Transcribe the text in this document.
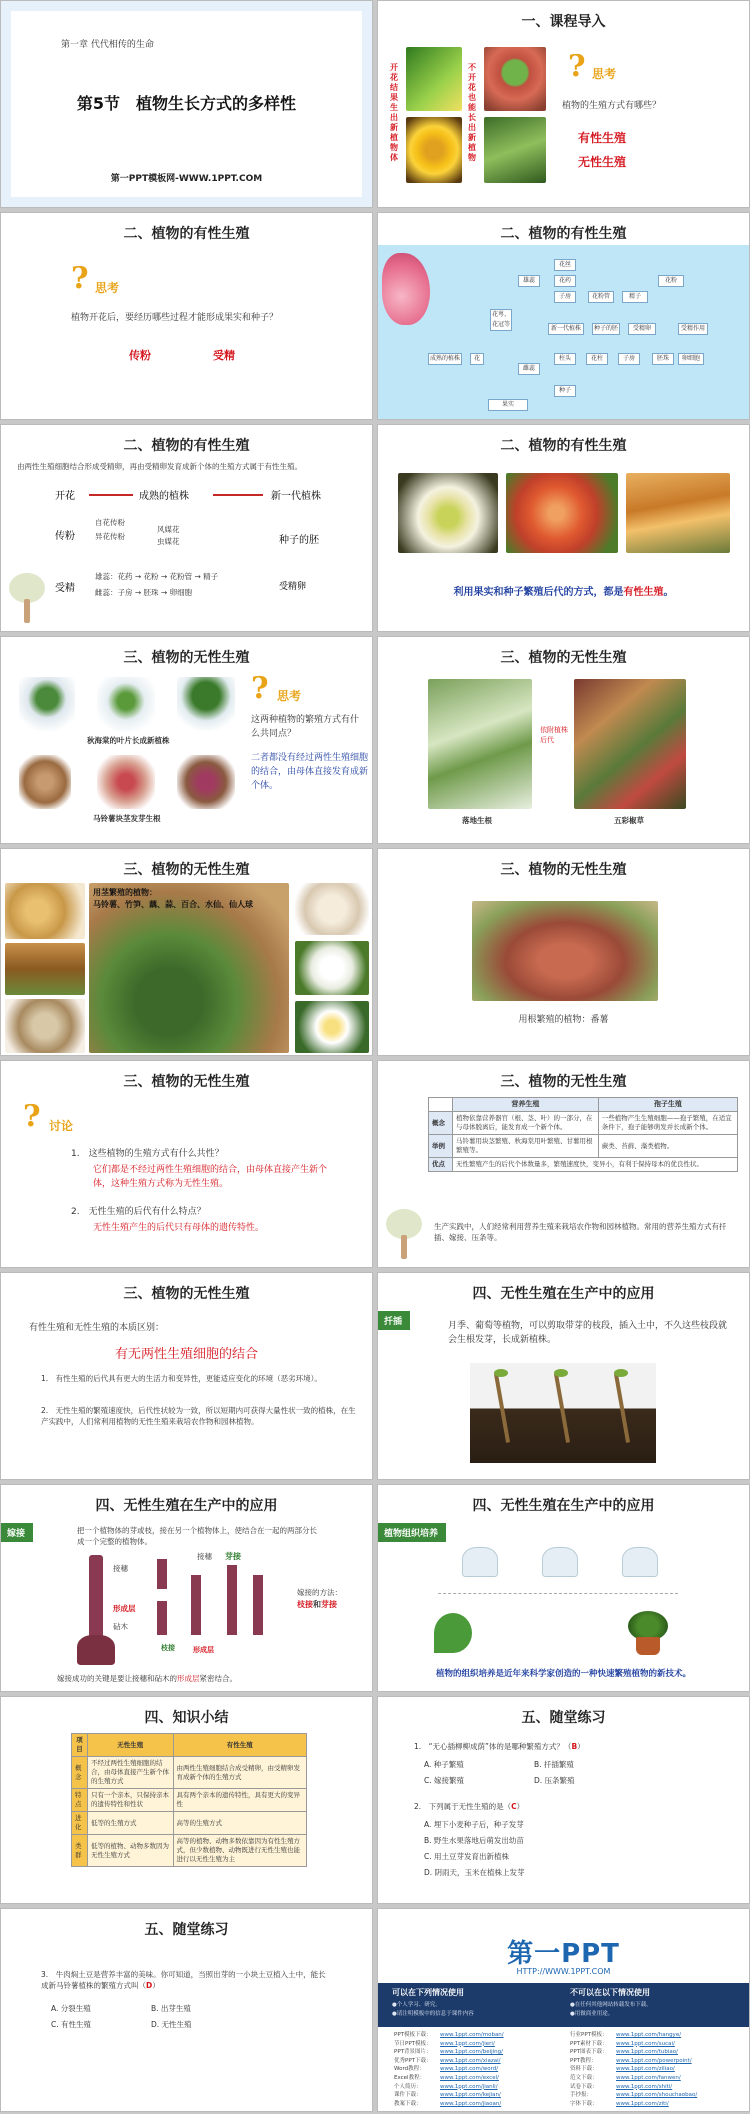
第一章 代代相传的生命
第5节　植物生长方式的多样性
第一PPT模板网-WWW.1PPT.COM
一、课程导入
开花结果生出新植物体
不开花也能长出新植物
? 思考
植物的生殖方式有哪些？
有性生殖
无性生殖
二、植物的有性生殖
? 思考
植物开花后，要经历哪些过程才能形成果实和种子？
传粉	受精
二、植物的有性生殖
成熟的植株	花
花萼、花冠等
雄蕊
雌蕊
花丝
花药
子房	花粉管	精子
新一代植株	种子的胚	受精卵
柱头	花柱	子房	胚珠
受精作用
种子
果实
卵细胞
花粉
二、植物的有性生殖
由两性生殖细胞结合形成受精卵，再由受精卵发育成新个体的生殖方式属于有性生殖。
开花	成熟的植株	新一代植株
传粉
自花传粉
异花传粉
风媒花
虫媒花	种子的胚
受精
雄蕊：花药 → 花粉 → 花粉管 → 精子
雌蕊：子房 → 胚珠 → 卵细胞
受精卵
二、植物的有性生殖
利用果实和种子繁殖后代的方式，都是有性生殖。
三、植物的无性生殖
秋海棠的叶片长成新植株
马铃薯块茎发芽生根
? 思考
这两种植物的繁殖方式有什么共同点？
二者都没有经过两性生殖细胞的结合，由母体直接发育成新个体。
三、植物的无性生殖
依附植株后代
落地生根	五彩椒草
三、植物的无性生殖
用茎繁殖的植物：
马铃薯、竹笋、藕、蒜、百合、水仙、仙人球
三、植物的无性生殖
用根繁殖的植物：番薯
三、植物的无性生殖
? 讨论
1.　这些植物的生殖方式有什么共性？
它们都是不经过两性生殖细胞的结合，由母体直接产生新个体，这种生殖方式称为无性生殖。
2.　无性生殖的后代有什么特点？
无性生殖产生的后代只有母体的遗传特性。
三、植物的无性生殖
	营养生殖	孢子生殖
概念	植物依靠营养器官（根、茎、叶）的一部分，在与母体脱离后，能发育成一个新个体。	一些植物产生生殖细胞——孢子繁殖，在适宜条件下，孢子能够萌发并长成新个体。
举例	马铃薯用块茎繁殖、秋海棠用叶繁殖、甘薯用根繁殖等。	蕨类、苔藓、藻类植物。
优点	无性繁殖产生的后代个体数量多，繁殖速度快，变异小，有利于保持母本的优良性状。	
生产实践中，人们经常利用营养生殖来栽培农作物和园林植物。常用的营养生殖方式有扦插、嫁接、压条等。
三、植物的无性生殖
有性生殖和无性生殖的本质区别：
有无两性生殖细胞的结合
1.　有性生殖的后代具有更大的生活力和变异性，更能适应变化的环境（恶劣环境）。
2.　无性生殖的繁殖速度快，后代性状较为一致，所以短期内可获得大量性状一致的植株，在生产实践中，人们常利用植物的无性生殖来栽培农作物和园林植物。
四、无性生殖在生产中的应用
扦插	月季、葡萄等植物，可以剪取带芽的枝段，插入土中，不久这些枝段就会生根发芽，长成新植株。
四、无性生殖在生产中的应用
嫁接	把一个植物体的芽或枝，接在另一个植物体上，使结合在一起的两部分长成一个完整的植物体。
接穗
形成层
砧木
接穗 芽接
形成层
枝接
嫁接的方法：
枝接和芽接
嫁接成功的关键是要让接穗和砧木的形成层紧密结合。
四、无性生殖在生产中的应用
植物组织培养
植物的组织培养是近年来科学家创造的一种快速繁殖植物的新技术。
四、知识小结
项目	无性生殖	有性生殖
概念	不经过两性生殖细胞的结合，由母体直接产生新个体的生殖方式	由两性生殖细胞结合成受精卵，由受精卵发育成新个体的生殖方式
特点	只有一个亲本，只保持亲本的遗传特性和性状	具有两个亲本的遗传特性，具有更大的变异性
进化	低等的生殖方式	高等的生殖方式
类群	低等的植物、动物多数因为无性生殖方式	高等的植物、动物多数依靠因为有性生殖方式，但少数植物、动物既进行无性生殖也能进行以无性生殖为主
五、随堂练习
1.　“无心插柳柳成荫”体的是哪种繁殖方式？（B）
A. 种子繁殖	B. 扦插繁殖
C. 嫁接繁殖	D. 压条繁殖
2.　下列属于无性生殖的是（C）
A. 埋下小麦种子后，种子发芽
B. 野生水果落地后萌发出幼苗
C. 用土豆芽发育出新植株
D. 阴雨天，玉米在植株上发芽
五、随堂练习
3.　牛肉焖土豆是营养丰富的美味。你可知道，当照出芽的一小块土豆植入土中，能长成新马铃薯植株的繁殖方式叫（D）
A. 分裂生殖	B. 出芽生殖
C. 有性生殖	D. 无性生殖
第一PPT
HTTP://WWW.1PPT.COM
可以在下列情况使用
●个人学习、研究。
●请注明模板中的信息于课件内容
不可以在以下情况使用
●在任何其他网站转载发布下载。
●用做商业用途。
PPT模板下载： www.1ppt.com/moban/
节日PPT模板： www.1ppt.com/jieri/
PPT背景图片： www.1ppt.com/beijing/
优秀PPT下载： www.1ppt.com/xiazai/
Word教程：	www.1ppt.com/word/
Excel教程：	www.1ppt.com/excel/
个人简历：	www.1ppt.com/jianli/
课件下载：	www.1ppt.com/kejian/
教案下载：	www.1ppt.com/jiaoan/
行业PPT模板： www.1ppt.com/hangye/
PPT素材下载： www.1ppt.com/sucai/
PPT图表下载： www.1ppt.com/tubiao/
PPT教程：	www.1ppt.com/powerpoint/
资料下载：	www.1ppt.com/ziliao/
范文下载：	www.1ppt.com/fanwen/
试卷下载：	www.1ppt.com/shiti/
手抄报：	www.1ppt.com/shouchaobao/
字体下载：	www.1ppt.com/ziti/
